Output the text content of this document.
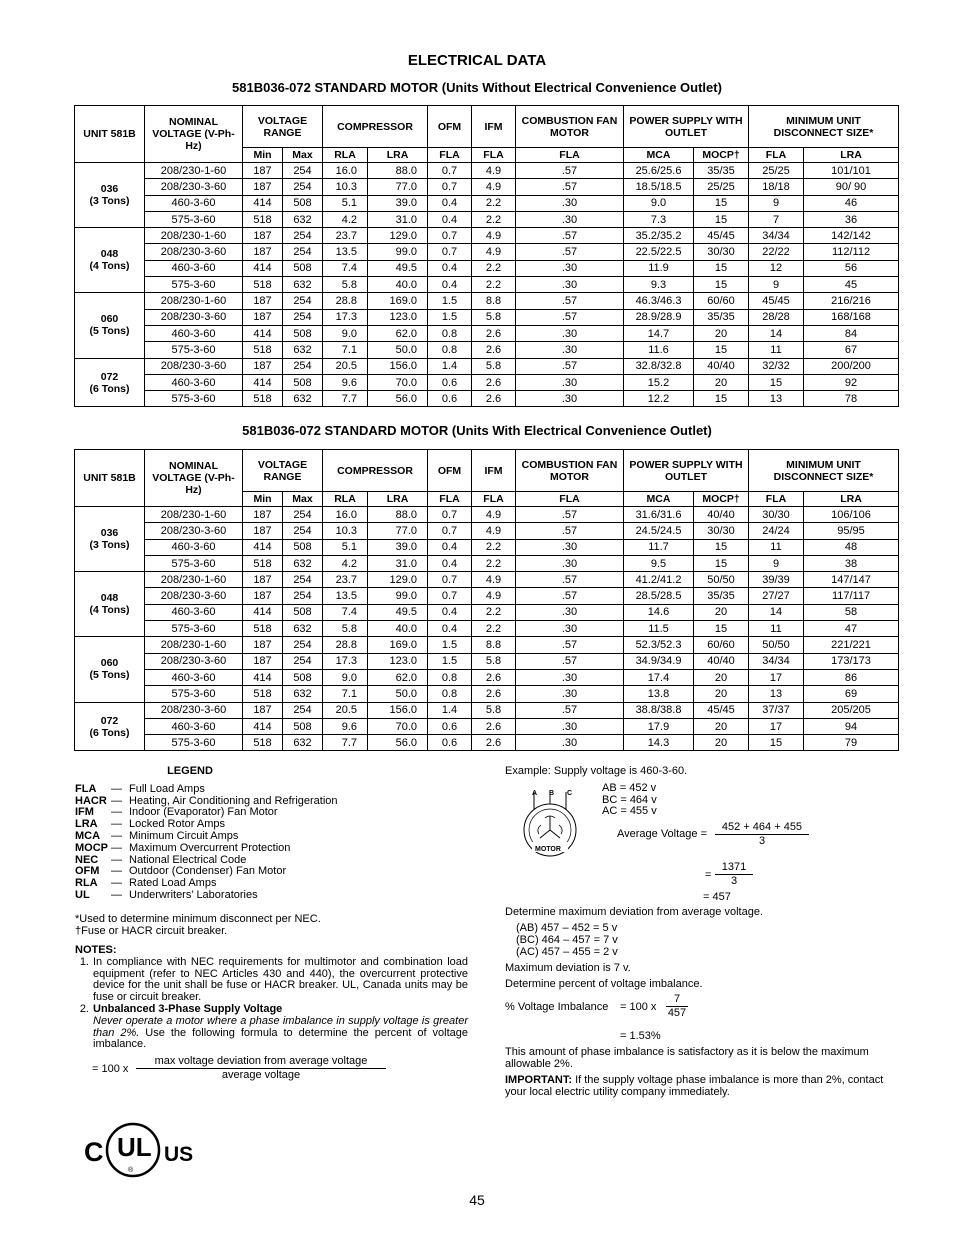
ELECTRICAL DATA
581B036-072 STANDARD MOTOR (Units Without Electrical Convenience Outlet)
UNIT 581B	NOMINAL VOLTAGE (V-Ph-Hz)	VOLTAGE RANGE		COMPRESSOR		OFM	IFM	COMBUSTION FAN MOTOR	POWER SUPPLY WITH OUTLET		MINIMUM UNIT DISCONNECT SIZE*	
		Min	Max	RLA	LRA	FLA	FLA	FLA	MCA	MOCP†	FLA	LRA

036
(3 Tons)	208/230-1-60	187	254	16.0	88.0	0.7	4.9	.57	25.6/25.6	35/35	25/25	101/101
	208/230-3-60	187	254	10.3	77.0	0.7	4.9	.57	18.5/18.5	25/25	18/18	90/ 90
	460-3-60	414	508	5.1	39.0	0.4	2.2	.30	9.0	15	9	46
	575-3-60	518	632	4.2	31.0	0.4	2.2	.30	7.3	15	7	36

048
(4 Tons)	208/230-1-60	187	254	23.7	129.0	0.7	4.9	.57	35.2/35.2	45/45	34/34	142/142
	208/230-3-60	187	254	13.5	99.0	0.7	4.9	.57	22.5/22.5	30/30	22/22	112/112
	460-3-60	414	508	7.4	49.5	0.4	2.2	.30	11.9	15	12	56
	575-3-60	518	632	5.8	40.0	0.4	2.2	.30	9.3	15	9	45

060
(5 Tons)	208/230-1-60	187	254	28.8	169.0	1.5	8.8	.57	46.3/46.3	60/60	45/45	216/216
	208/230-3-60	187	254	17.3	123.0	1.5	5.8	.57	28.9/28.9	35/35	28/28	168/168
	460-3-60	414	508	9.0	62.0	0.8	2.6	.30	14.7	20	14	84
	575-3-60	518	632	7.1	50.0	0.8	2.6	.30	11.6	15	11	67

072
(6 Tons)	208/230-3-60	187	254	20.5	156.0	1.4	5.8	.57	32.8/32.8	40/40	32/32	200/200
	460-3-60	414	508	9.6	70.0	0.6	2.6	.30	15.2	20	15	92
	575-3-60	518	632	7.7	56.0	0.6	2.6	.30	12.2	15	13	78
581B036-072 STANDARD MOTOR (Units With Electrical Convenience Outlet)
UNIT 581B	NOMINAL VOLTAGE (V-Ph-Hz)	VOLTAGE RANGE		COMPRESSOR		OFM	IFM	COMBUSTION FAN MOTOR	POWER SUPPLY WITH OUTLET		MINIMUM UNIT DISCONNECT SIZE*	
		Min	Max	RLA	LRA	FLA	FLA	FLA	MCA	MOCP†	FLA	LRA

036
(3 Tons)	208/230-1-60	187	254	16.0	88.0	0.7	4.9	.57	31.6/31.6	40/40	30/30	106/106
	208/230-3-60	187	254	10.3	77.0	0.7	4.9	.57	24.5/24.5	30/30	24/24	95/95
	460-3-60	414	508	5.1	39.0	0.4	2.2	.30	11.7	15	11	48
	575-3-60	518	632	4.2	31.0	0.4	2.2	.30	9.5	15	9	38

048
(4 Tons)	208/230-1-60	187	254	23.7	129.0	0.7	4.9	.57	41.2/41.2	50/50	39/39	147/147
	208/230-3-60	187	254	13.5	99.0	0.7	4.9	.57	28.5/28.5	35/35	27/27	117/117
	460-3-60	414	508	7.4	49.5	0.4	2.2	.30	14.6	20	14	58
	575-3-60	518	632	5.8	40.0	0.4	2.2	.30	11.5	15	11	47

060
(5 Tons)	208/230-1-60	187	254	28.8	169.0	1.5	8.8	.57	52.3/52.3	60/60	50/50	221/221
	208/230-3-60	187	254	17.3	123.0	1.5	5.8	.57	34.9/34.9	40/40	34/34	173/173
	460-3-60	414	508	9.0	62.0	0.8	2.6	.30	17.4	20	17	86
	575-3-60	518	632	7.1	50.0	0.8	2.6	.30	13.8	20	13	69

072
(6 Tons)	208/230-3-60	187	254	20.5	156.0	1.4	5.8	.57	38.8/38.8	45/45	37/37	205/205
	460-3-60	414	508	9.6	70.0	0.6	2.6	.30	17.9	20	17	94
	575-3-60	518	632	7.7	56.0	0.6	2.6	.30	14.3	20	15	79
LEGEND
FLA	— Full Load Amps
HACR — Heating, Air Conditioning and Refrigeration
IFM	— Indoor (Evaporator) Fan Motor
LRA	— Locked Rotor Amps
MCA — Minimum Circuit Amps
MOCP — Maximum Overcurrent Protection
NEC	— National Electrical Code
OFM	— Outdoor (Condenser) Fan Motor
RLA	— Rated Load Amps
UL	— Underwriters’ Laboratories
*Used to determine minimum disconnect per NEC.
†Fuse or HACR circuit breaker.
NOTES:
1. In compliance with NEC requirements for multimotor and combination load equipment (refer to NEC Articles 430 and 440), the overcurrent protective device for the unit shall be fuse or HACR breaker. UL, Canada units may be fuse or circuit breaker.
2. Unbalanced 3-Phase Supply Voltage
Never operate a motor where a phase imbalance in supply voltage is greater than 2%. Use the following formula to determine the percent of voltage imbalance.
= 100 x
max voltage deviation from average voltage
average voltage
Example: Supply voltage is 460-3-60.
A B C
MOTOR
AB = 452 v
BC = 464 v
AC = 455 v
Average Voltage =
452 + 464 + 455
3
=
1371
3
= 457
Determine maximum deviation from average voltage.
(AB) 457 – 452 = 5 v
(BC) 464 – 457 = 7 v
(AC) 457 – 455 = 2 v
Maximum deviation is 7 v.
Determine percent of voltage imbalance.
% Voltage Imbalance = 100 x
7
457
= 1.53%
This amount of phase imbalance is satisfactory as it is below the maximum allowable 2%.
IMPORTANT: If the supply voltage phase imbalance is more than 2%, contact your local electric utility company immediately.
C UL US
®
45
